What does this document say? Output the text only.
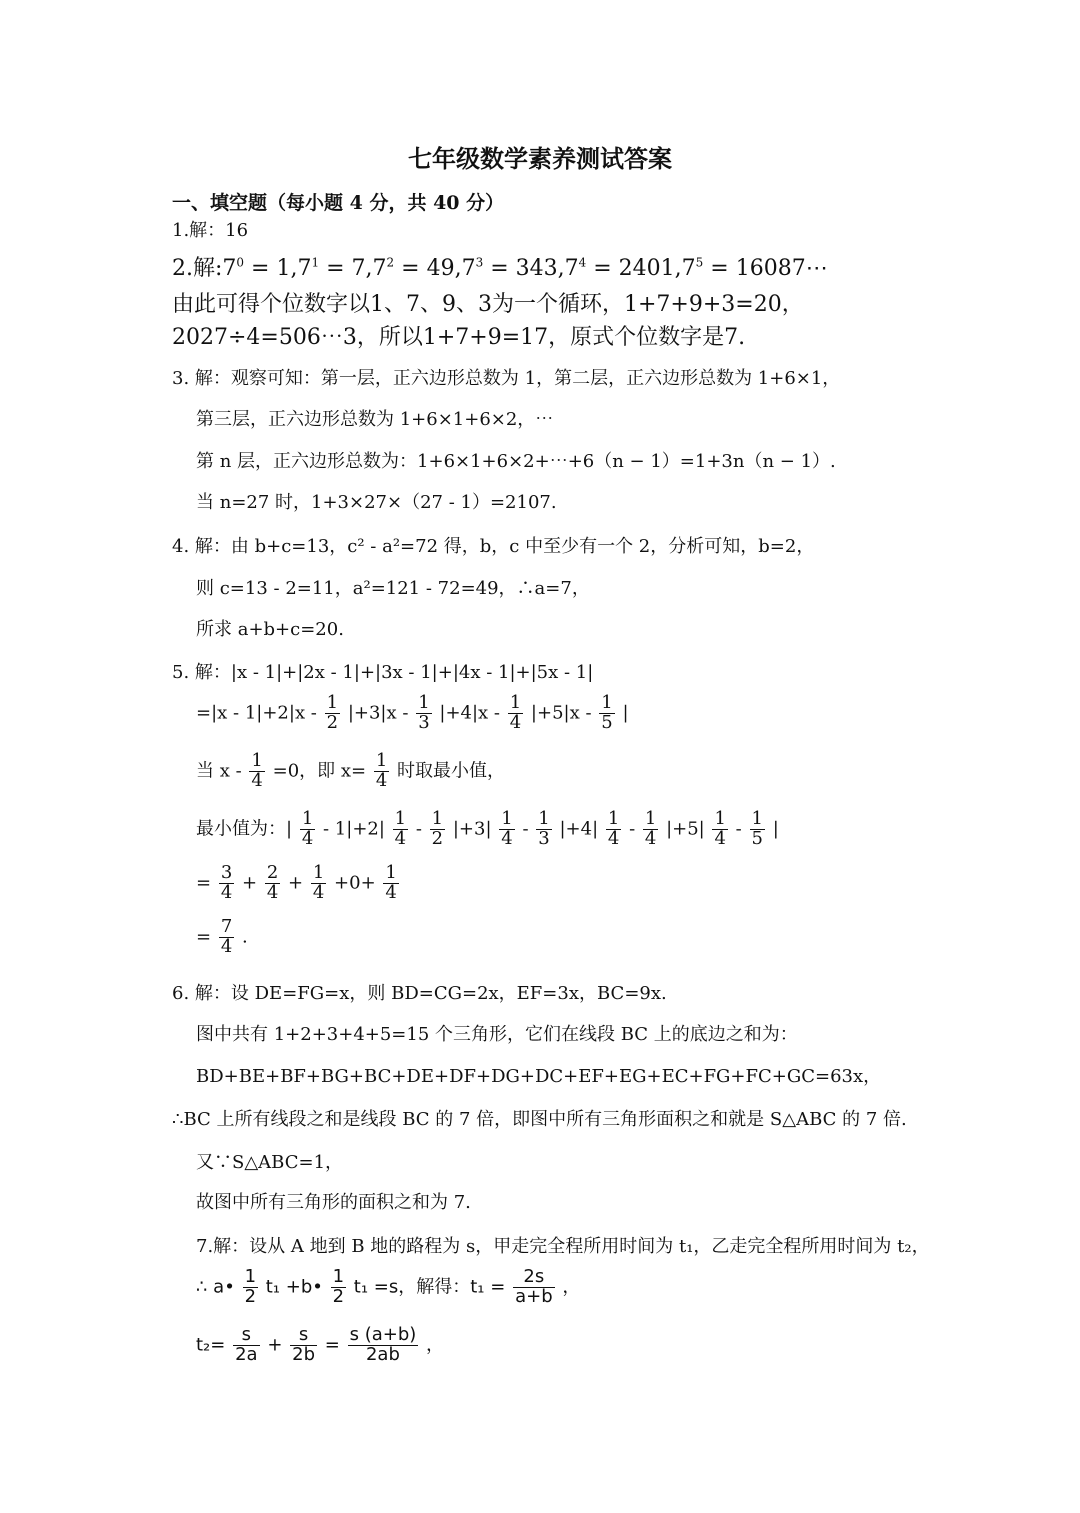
七年级数学素养测试答案
一、填空题（每小题 4 分，共 40 分）
1.解：16
2.解$:7^0 = 1,7^1 = 7,7^2 = 49,7^3 = 343,7^4 = 2401,7^5$ = 16087⋯
由此可得个位数字以1、7、9、3为一个循环，1+7+9+3=20，
2027÷4=506⋯3，所以1+7+9=17，原式个位数字是7.
3. 解：观察可知：第一层，正六边形总数为 1，第二层，正六边形总数为 1+6×1，
第三层，正六边形总数为 1+6×1+6×2，⋯
第 n 层，正六边形总数为：1+6×1+6×2+⋯+6（n − 1）=1+3n（n − 1）.
当 n=27 时，1+3×27×（27 - 1）=2107.
4. 解：由 b+c=13，c² - a²=72 得，b，c 中至少有一个 2，分析可知，b=2，
则 c=13 - 2=11，a²=121 - 72=49，∴a=7，
所求 a+b+c=20.
5. 解：|x - 1|+|2x - 1|+|3x - 1|+|4x - 1|+|5x - 1|
$=|x - 1|+2|x - \frac{1}{2} |+3|x - \frac{1}{3} |+4|x - \frac{1}{4} |+5|x - \frac{1}{5}$ |
当 $x - \frac{1}{4} =0$，即 $x= \frac{1}{4}$ 时取最小值，
最小值为：| $\frac{1}{4} - 1|+2| \frac{1}{4} - \frac{1}{2} |+3| \frac{1}{4} - \frac{1}{3} |+4| \frac{1}{4} - \frac{1}{4} |+5| \frac{1}{4} - \frac{1}{5}$ |
= $\frac{3}{4} + \frac{2}{4} + \frac{1}{4} +0+ \frac{1}{4}$
= $\frac{7}{4}$ .
6. 解：设 DE=FG=x，则 BD=CG=2x，EF=3x，BC=9x.
图中共有 1+2+3+4+5=15 个三角形，它们在线段 BC 上的底边之和为：
BD+BE+BF+BG+BC+DE+DF+DG+DC+EF+EG+EC+FG+FC+GC=63x，
∴BC 上所有线段之和是线段 BC 的 7 倍，即图中所有三角形面积之和就是 S△ABC 的 7 倍.
又∵S△ABC=1，
故图中所有三角形的面积之和为 7.
7.解：设从 A 地到 B 地的路程为 s，甲走完全程所用时间为 t₁，乙走完全程所用时间为 t₂，
∴ a• $\frac{1}{2} t_1$ +b• $\frac{1}{2} t_1 =s$，解得：$t_1 = \frac{2s}{a+b}$ ，
$t_2= \frac{s}{2a} + \frac{s}{2b} = \frac{s (a+b)}{2ab}$ ，
